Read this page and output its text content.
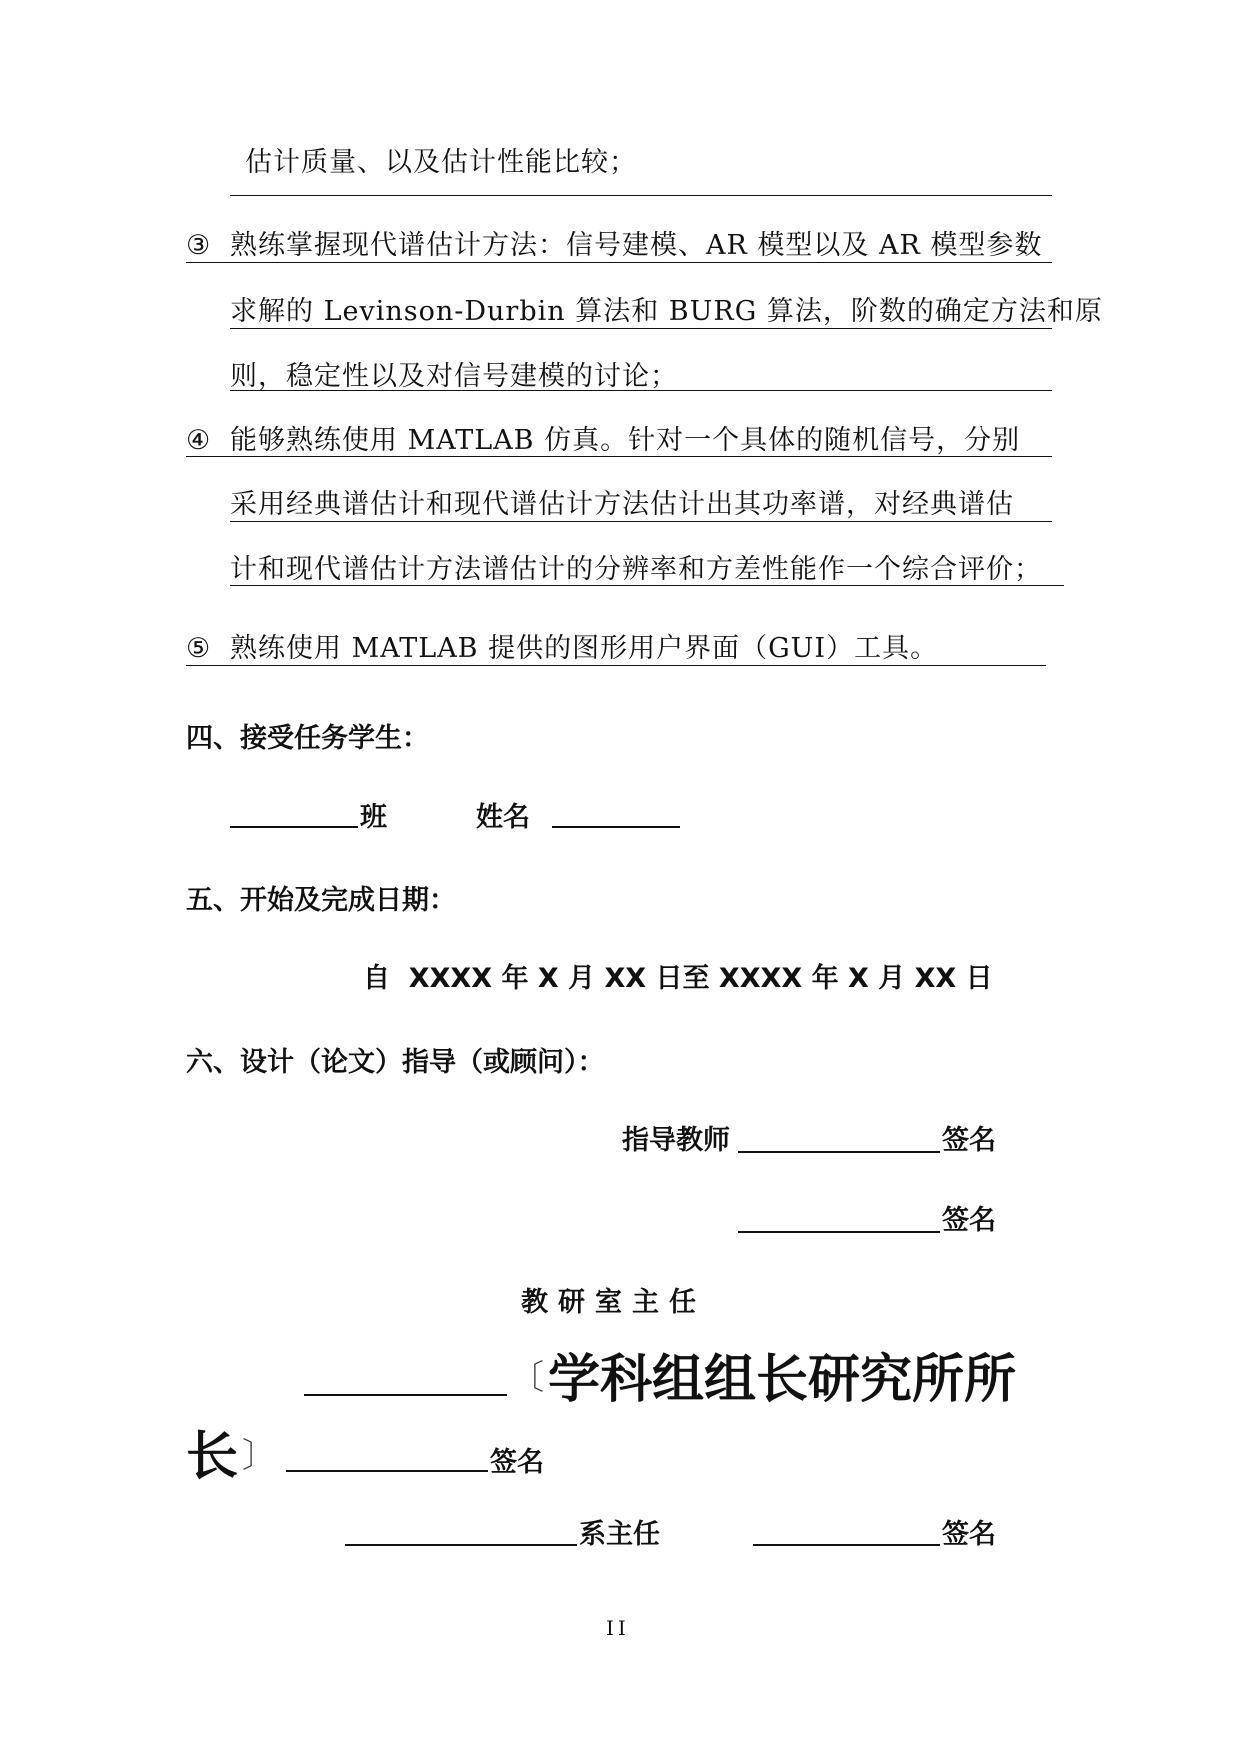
估计质量、以及估计性能比较；
③ 熟练掌握现代谱估计方法：信号建模、AR 模型以及 AR 模型参数
求解的 Levinson-Durbin 算法和 BURG 算法，阶数的确定方法和原
则，稳定性以及对信号建模的讨论；
④ 能够熟练使用 MATLAB 仿真。针对一个具体的随机信号，分别
采用经典谱估计和现代谱估计方法估计出其功率谱，对经典谱估
计和现代谱估计方法谱估计的分辨率和方差性能作一个综合评价；
⑤ 熟练使用 MATLAB 提供的图形用户界面（GUI）工具。
四、接受任务学生：
班	姓名
五、开始及完成日期：
自  XXXX 年 X 月 XX 日至 XXXX 年 X 月 XX 日
六、设计（论文）指导（或顾问）：
指导教师	签名
签名
教研室主任
〔 学科组组长研究所所
长 〕	签名
系主任	签名
II
